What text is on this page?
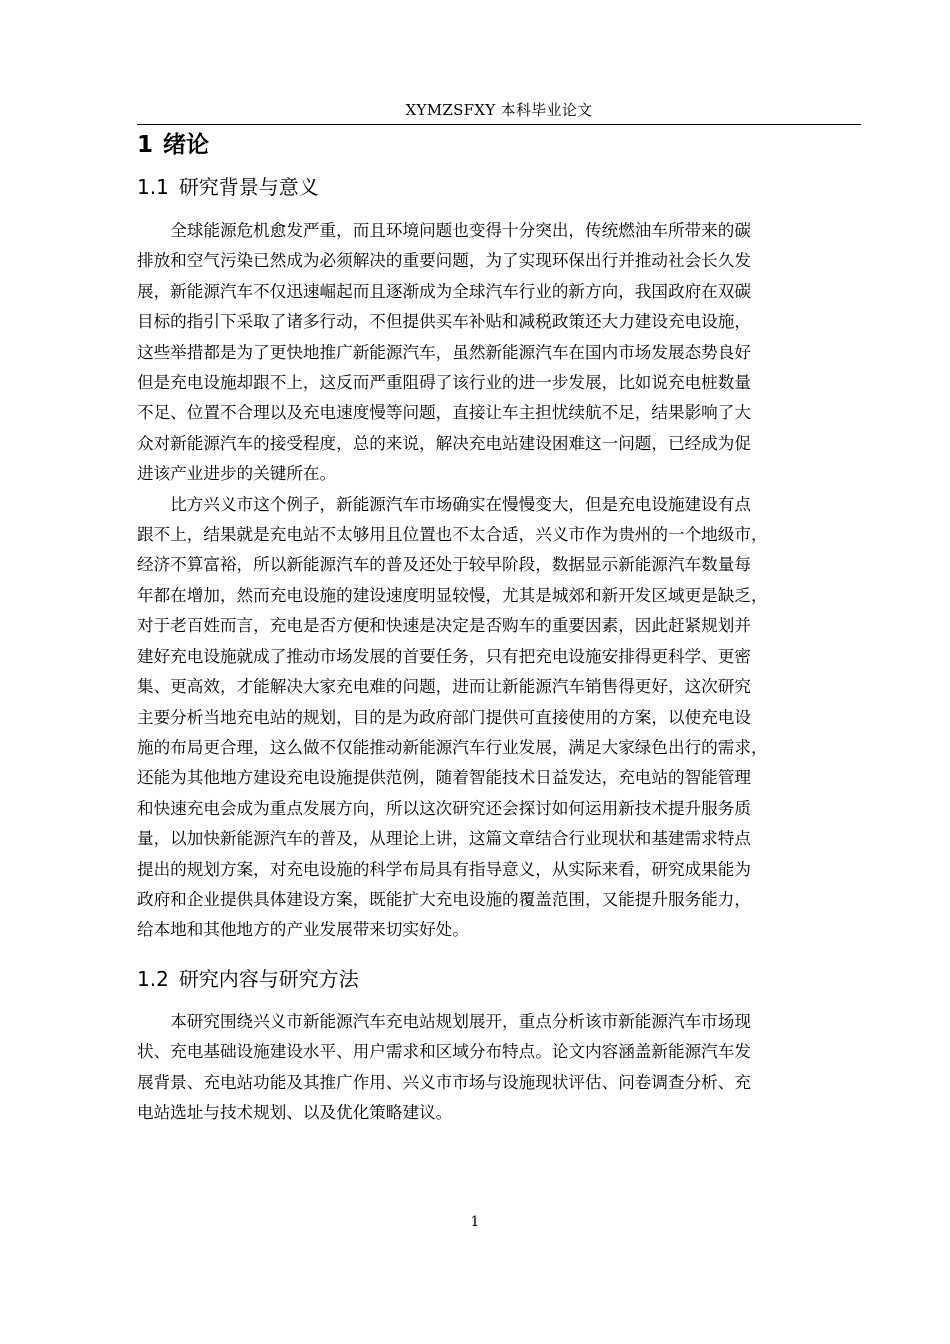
XYMZSFXY 本科毕业论文
1 绪论
1.1 研究背景与意义

全球能源危机愈发严重，而且环境问题也变得十分突出，传统燃油车所带来的碳
排放和空气污染已然成为必须解决的重要问题，为了实现环保出行并推动社会长久发
展，新能源汽车不仅迅速崛起而且逐渐成为全球汽车行业的新方向，我国政府在双碳
目标的指引下采取了诸多行动，不但提供买车补贴和减税政策还大力建设充电设施，
这些举措都是为了更快地推广新能源汽车，虽然新能源汽车在国内市场发展态势良好
但是充电设施却跟不上，这反而严重阻碍了该行业的进一步发展，比如说充电桩数量
不足、位置不合理以及充电速度慢等问题，直接让车主担忧续航不足，结果影响了大
众对新能源汽车的接受程度，总的来说，解决充电站建设困难这一问题，已经成为促
进该产业进步的关键所在。

比方兴义市这个例子，新能源汽车市场确实在慢慢变大，但是充电设施建设有点
跟不上，结果就是充电站不太够用且位置也不太合适，兴义市作为贵州的一个地级市，
经济不算富裕，所以新能源汽车的普及还处于较早阶段，数据显示新能源汽车数量每
年都在增加，然而充电设施的建设速度明显较慢，尤其是城郊和新开发区域更是缺乏，
对于老百姓而言，充电是否方便和快速是决定是否购车的重要因素，因此赶紧规划并
建好充电设施就成了推动市场发展的首要任务，只有把充电设施安排得更科学、更密
集、更高效，才能解决大家充电难的问题，进而让新能源汽车销售得更好，这次研究
主要分析当地充电站的规划，目的是为政府部门提供可直接使用的方案，以使充电设
施的布局更合理，这么做不仅能推动新能源汽车行业发展，满足大家绿色出行的需求，
还能为其他地方建设充电设施提供范例，随着智能技术日益发达，充电站的智能管理
和快速充电会成为重点发展方向，所以这次研究还会探讨如何运用新技术提升服务质
量，以加快新能源汽车的普及，从理论上讲，这篇文章结合行业现状和基建需求特点
提出的规划方案，对充电设施的科学布局具有指导意义，从实际来看，研究成果能为
政府和企业提供具体建设方案，既能扩大充电设施的覆盖范围，又能提升服务能力，
给本地和其他地方的产业发展带来切实好处。

1.2 研究内容与研究方法

本研究围绕兴义市新能源汽车充电站规划展开，重点分析该市新能源汽车市场现
状、充电基础设施建设水平、用户需求和区域分布特点。论文内容涵盖新能源汽车发
展背景、充电站功能及其推广作用、兴义市市场与设施现状评估、问卷调查分析、充
电站选址与技术规划、以及优化策略建议。

1
